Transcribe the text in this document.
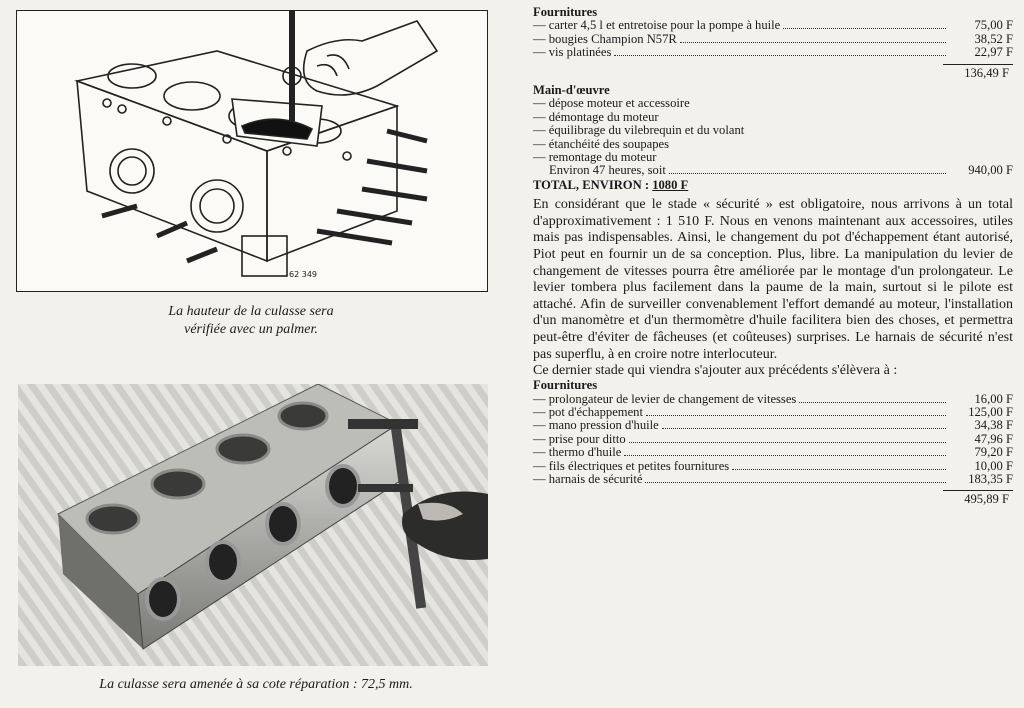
62 349
La hauteur de la culasse sera
vérifiée avec un palmer.
La culasse sera amenée à sa cote réparation : 72,5 mm.
Fournitures
— carter 4,5 l et entretoise pour la pompe à huile	75,00 F
— bougies Champion N57R	38,52 F
— vis platinées	22,97 F
136,49 F
Main-d'œuvre
— dépose moteur et accessoire
— démontage du moteur
— équilibrage du vilebrequin et du volant
— étanchéité des soupapes
— remontage du moteur
Environ 47 heures, soit	940,00 F
TOTAL, ENVIRON : 1080 F
En considérant que le stade « sécurité » est obligatoire, nous arrivons à un total d'approximativement : 1 510 F. Nous en venons maintenant aux accessoires, utiles mais pas indispensables. Ainsi, le changement du pot d'échappement étant autorisé, Piot peut en fournir un de sa conception. Plus, libre. La manipulation du levier de changement de vitesses pourra être améliorée par le montage d'un prolongateur. Le levier tombera plus facilement dans la paume de la main, surtout si le pilote est attaché. Afin de surveiller convenablement l'effort demandé au moteur, l'installation d'un manomètre et d'un thermomètre d'huile facilitera bien des choses, et permettra peut-être d'éviter de fâcheuses (et coûteuses) surprises. Le harnais de sécurité n'est pas superflu, à en croire notre interlocuteur.
Ce dernier stade qui viendra s'ajouter aux précédents s'élèvera à :
Fournitures
— prolongateur de levier de changement de vitesses	16,00 F
— pot d'échappement	125,00 F
— mano pression d'huile	34,38 F
— prise pour ditto	47,96 F
— thermo d'huile	79,20 F
— fils électriques et petites fournitures	10,00 F
— harnais de sécurité	183,35 F
495,89 F
